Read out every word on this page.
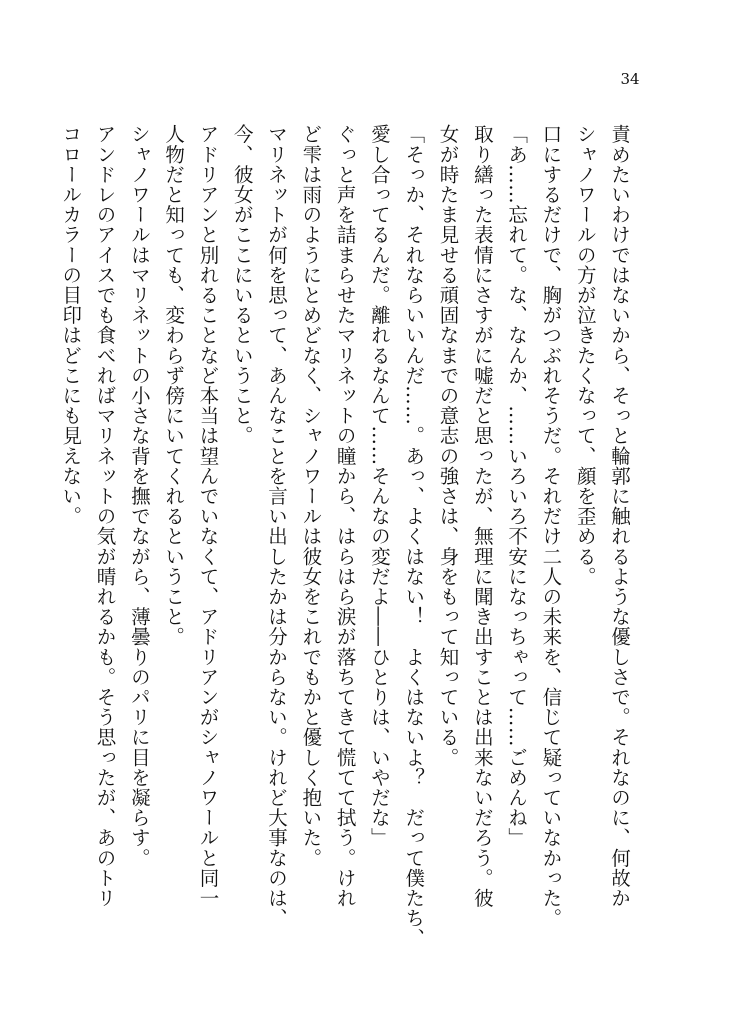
34
責めたいわけではないから、そっと輪郭に触れるような優しさで。それなのに、何故か
シャノワールの方が泣きたくなって、顔を歪める。
口にするだけで、胸がつぶれそうだ。それだけ二人の未来を、信じて疑っていなかった。
「あ……忘れて。な、なんか、……いろいろ不安になっちゃって……ごめんね」
取り繕った表情にさすがに嘘だと思ったが、無理に聞き出すことは出来ないだろう。彼
女が時たま見せる頑固なまでの意志の強さは、身をもって知っている。
「そっか、それならいいんだ……。あっ、よくはない！　よくはないよ？　だって僕たち、
愛し合ってるんだ。離れるなんて……そんなの変だよ――ひとりは、いやだな」
ぐっと声を詰まらせたマリネットの瞳から、はらはら涙が落ちてきて慌てて拭う。けれ
ど雫は雨のようにとめどなく、シャノワールは彼女をこれでもかと優しく抱いた。
マリネットが何を思って、あんなことを言い出したかは分からない。けれど大事なのは、
今、彼女がここにいるということ。
アドリアンと別れることなど本当は望んでいなくて、アドリアンがシャノワールと同一
人物だと知っても、変わらず傍にいてくれるということ。
シャノワールはマリネットの小さな背を撫でながら、薄曇りのパリに目を凝らす。
アンドレのアイスでも食べればマリネットの気が晴れるかも。そう思ったが、あのトリ
コロールカラーの目印はどこにも見えない。
